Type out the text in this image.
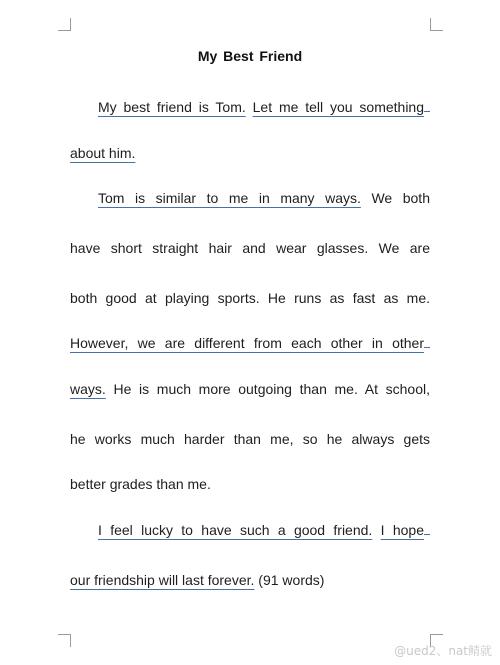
My Best Friend
My best friend is Tom. Let me tell you something
about him.
Tom is similar to me in many ways. We both
have short straight hair and wear glasses. We are
both good at playing sports. He runs as fast as me.
However, we are different from each other in other
ways. He is much more outgoing than me. At school,
he works much harder than me, so he always gets
better grades than me.
I feel lucky to have such a good friend. I hope
our friendship will last forever. (91 words)
@ued2、nat鲭就
